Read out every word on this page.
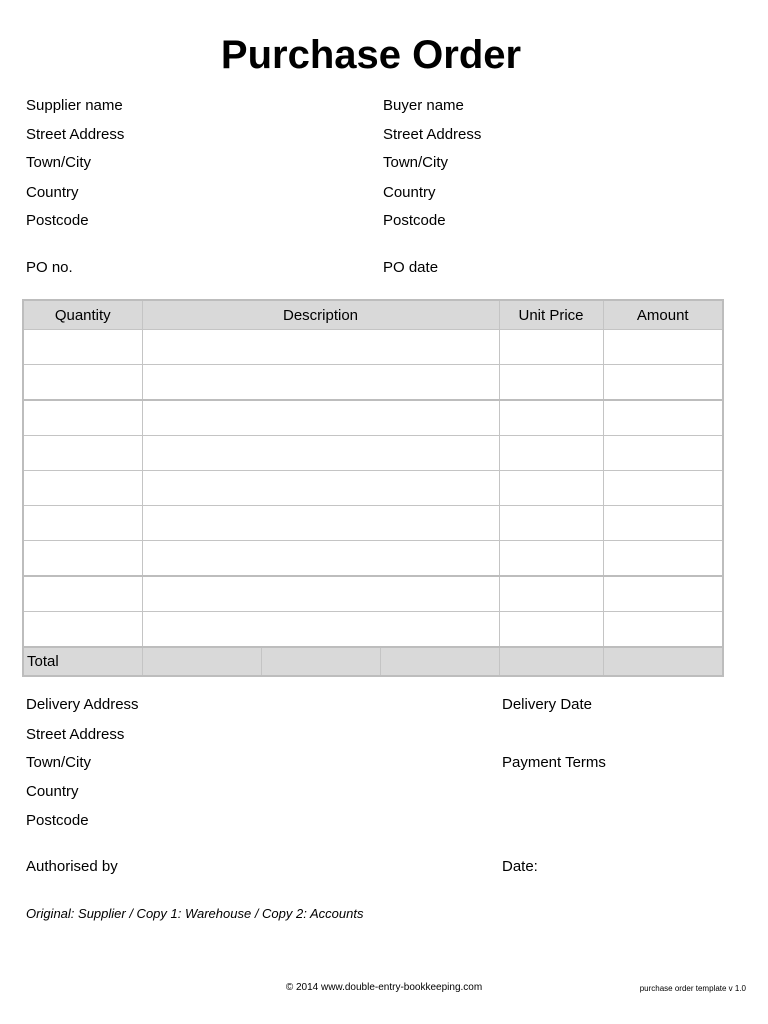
Purchase Order
Supplier name
Street Address
Town/City
Country
Postcode
Buyer name
Street Address
Town/City
Country
Postcode
PO no.	PO date
Quantity	Description			Unit Price	Amount

Total					
Delivery Address
Street Address
Town/City
Country
Postcode
Delivery Date
Payment Terms
Authorised by	Date:
Original: Supplier / Copy 1: Warehouse / Copy 2: Accounts
© 2014 www.double-entry-bookkeeping.com	purchase order template v 1.0
